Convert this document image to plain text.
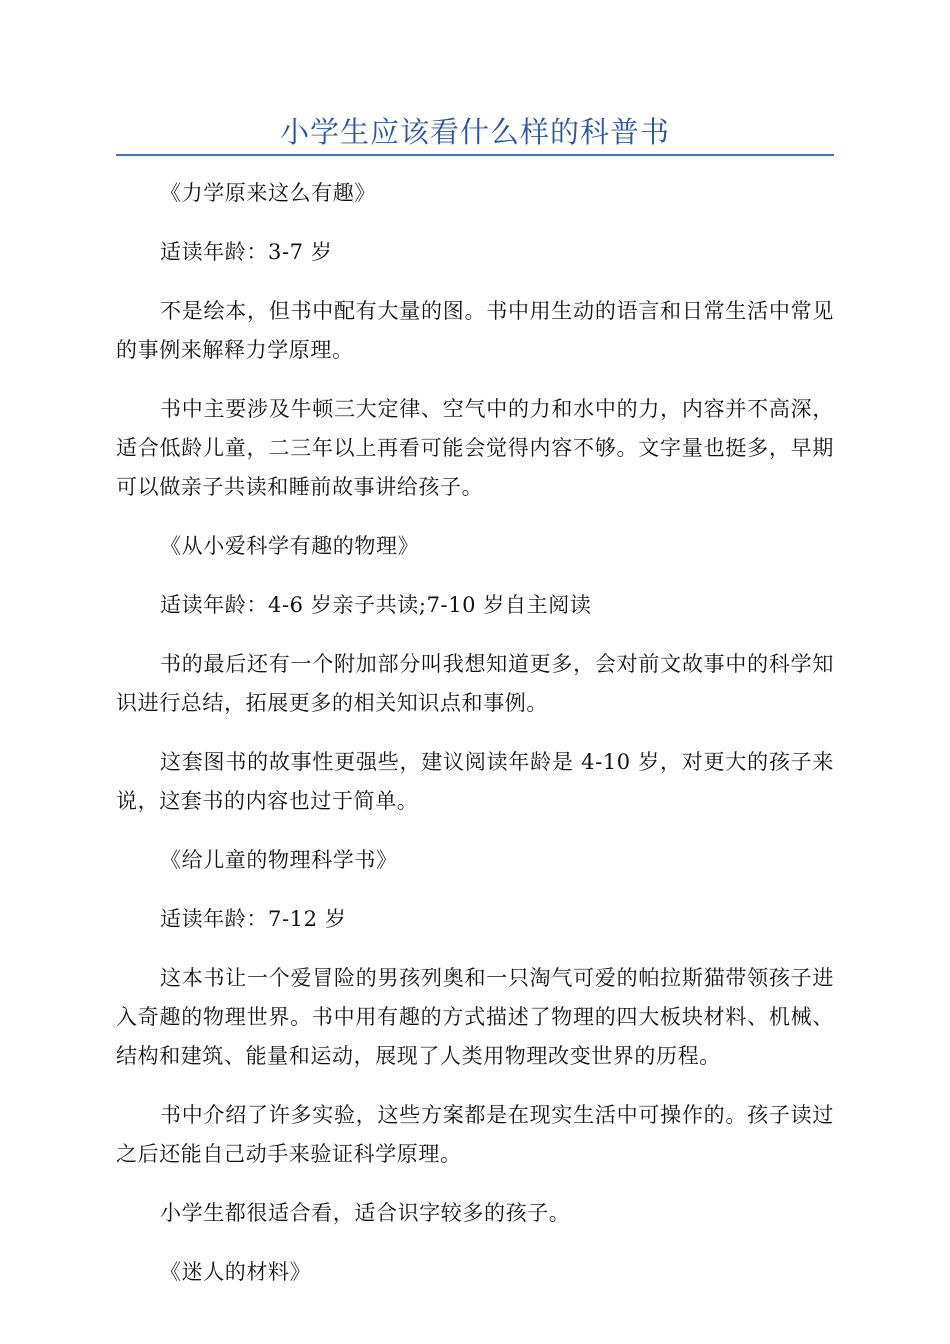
小学生应该看什么样的科普书

《力学原来这么有趣》

适读年龄：3-7 岁

不是绘本，但书中配有大量的图。书中用生动的语言和日常生活中常见的事例来解释力学原理。

书中主要涉及牛顿三大定律、空气中的力和水中的力，内容并不高深，适合低龄儿童，二三年以上再看可能会觉得内容不够。文字量也挺多，早期可以做亲子共读和睡前故事讲给孩子。

《从小爱科学有趣的物理》

适读年龄：4-6 岁亲子共读;7-10 岁自主阅读

书的最后还有一个附加部分叫我想知道更多，会对前文故事中的科学知识进行总结，拓展更多的相关知识点和事例。

这套图书的故事性更强些，建议阅读年龄是 4-10 岁，对更大的孩子来说，这套书的内容也过于简单。

《给儿童的物理科学书》

适读年龄：7-12 岁

这本书让一个爱冒险的男孩列奥和一只淘气可爱的帕拉斯猫带领孩子进入奇趣的物理世界。书中用有趣的方式描述了物理的四大板块材料、机械、结构和建筑、能量和运动，展现了人类用物理改变世界的历程。

书中介绍了许多实验，这些方案都是在现实生活中可操作的。孩子读过之后还能自己动手来验证科学原理。

小学生都很适合看，适合识字较多的孩子。

《迷人的材料》
